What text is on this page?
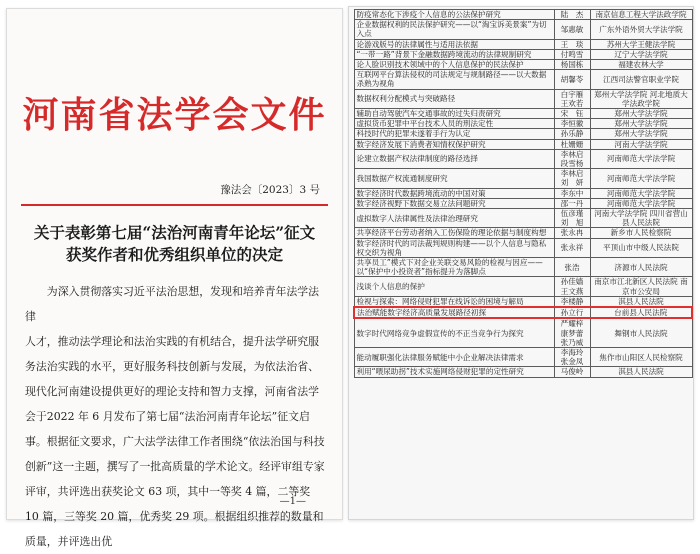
河南省法学会文件
豫法会〔2023〕3 号
关于表彰第七届“法治河南青年论坛”征文
获奖作者和优秀组织单位的决定

为深入贯彻落实习近平法治思想，发现和培养青年法学法律

人才，推动法学理论和法治实践的有机结合，提升法学研究服务法治实践的水平，更好服务科技创新与发展，为依法治省、现代化河南建设提供更好的理论支持和智力支撑，河南省法学会于2022 年 6 月发布了第七届“法治河南青年论坛”征文启事。根据征文要求，广大法学法律工作者围绕“依法治国与科技创新”这一主题，撰写了一批高质量的学术论文。经评审组专家评审，共评选出获奖论文 63 项，其中一等奖 4 篇，二等奖 10 篇，三等奖 20 篇，优秀奖 29 项。根据组织推荐的数量和质量，并评选出优

—1—
防疫常态化下涉疫个人信息的公法保护研究	陆　杰	南京信息工程大学法政学院
企业数据权利的民法保护研究——以“淘宝诉美景案”为切入点	邹惠敏	广东外语外贸大学法学院
论游戏版号的法律属性与适用法依据	王　琰	苏州大学王健法学院
“一带一路”背景下金融数据跨境流动的法律规制研究	付鸣雪	辽宁大学法学院
论人脸识别技术领域中的个人信息保护的民法保护	杨国栋	福建农林大学
互联网平台算法侵权的司法规定与规制路径——以大数据杀熟为视角	胡馨苓	江西司法警官职业学院
数据权利分配模式与突破路径	白宇雁 王欢若	郑州大学法学院 河北地质大学法政学院
辅助自动驾驶汽车交通事故的过失归责研究	宋　钰	郑州大学法学院
虚拟货币犯罪中平台技术人员的刑法定性	李恒徽	郑州大学法学院
科技时代的犯罪未遂着手行为认定	孙乐静	郑州大学法学院
数字经济发展下消费者知情权保护研究	杜姗姗	河南大学法学院
论建立数据产权法律制度的路径选择	李林启 段雪杨	河南师范大学法学院
我国数据产权流通制度研究	李林启 刘　妍	河南师范大学法学院
数字经济时代数据跨境流动的中国对策	李东中	河南师范大学法学院
数字经济视野下数据交易立法问题研究	邵一丹	河南师范大学法学院
虚拟数字人法律属性及法律治理研究	伍彦瑾 刘　旭	河南大学法学院 四川省营山县人民法院
共享经济平台劳动者纳入工伤保险的理论依据与制度构想	张永冉	新乡市人民检察院
数字经济时代的司法裁判规则构建——以个人信息与隐私权交织为视角	张永祥	平顶山市中级人民法院
共享员工”模式下对企业关联交易风险的检视与因应——以“保护中小投资者”指标提升为落脚点	张浩	济源市人民法院
浅谈个人信息的保护	孙佳嫱 王文燕	南京市江北新区人民法院 南京市公安局
检视与探索：网络侵财犯罪在线诉讼的困境与解局	李楼静	淇县人民法院
法治赋能数字经济高质量发展路径初探	孙立行	台前县人民法院
数字时代网络竞争虚假宣传的不正当竞争行为探究	严耀梓 康梦蕾 张乃威	舞钢市人民法院
能动履职强化法律服务赋能中小企业解决法律需求	李海玲 张金凤	焦作市山阳区人民检察院
利用“喂尿助拐”技术实施网络侵财犯罪的定性研究	马俊岭	淇县人民法院
